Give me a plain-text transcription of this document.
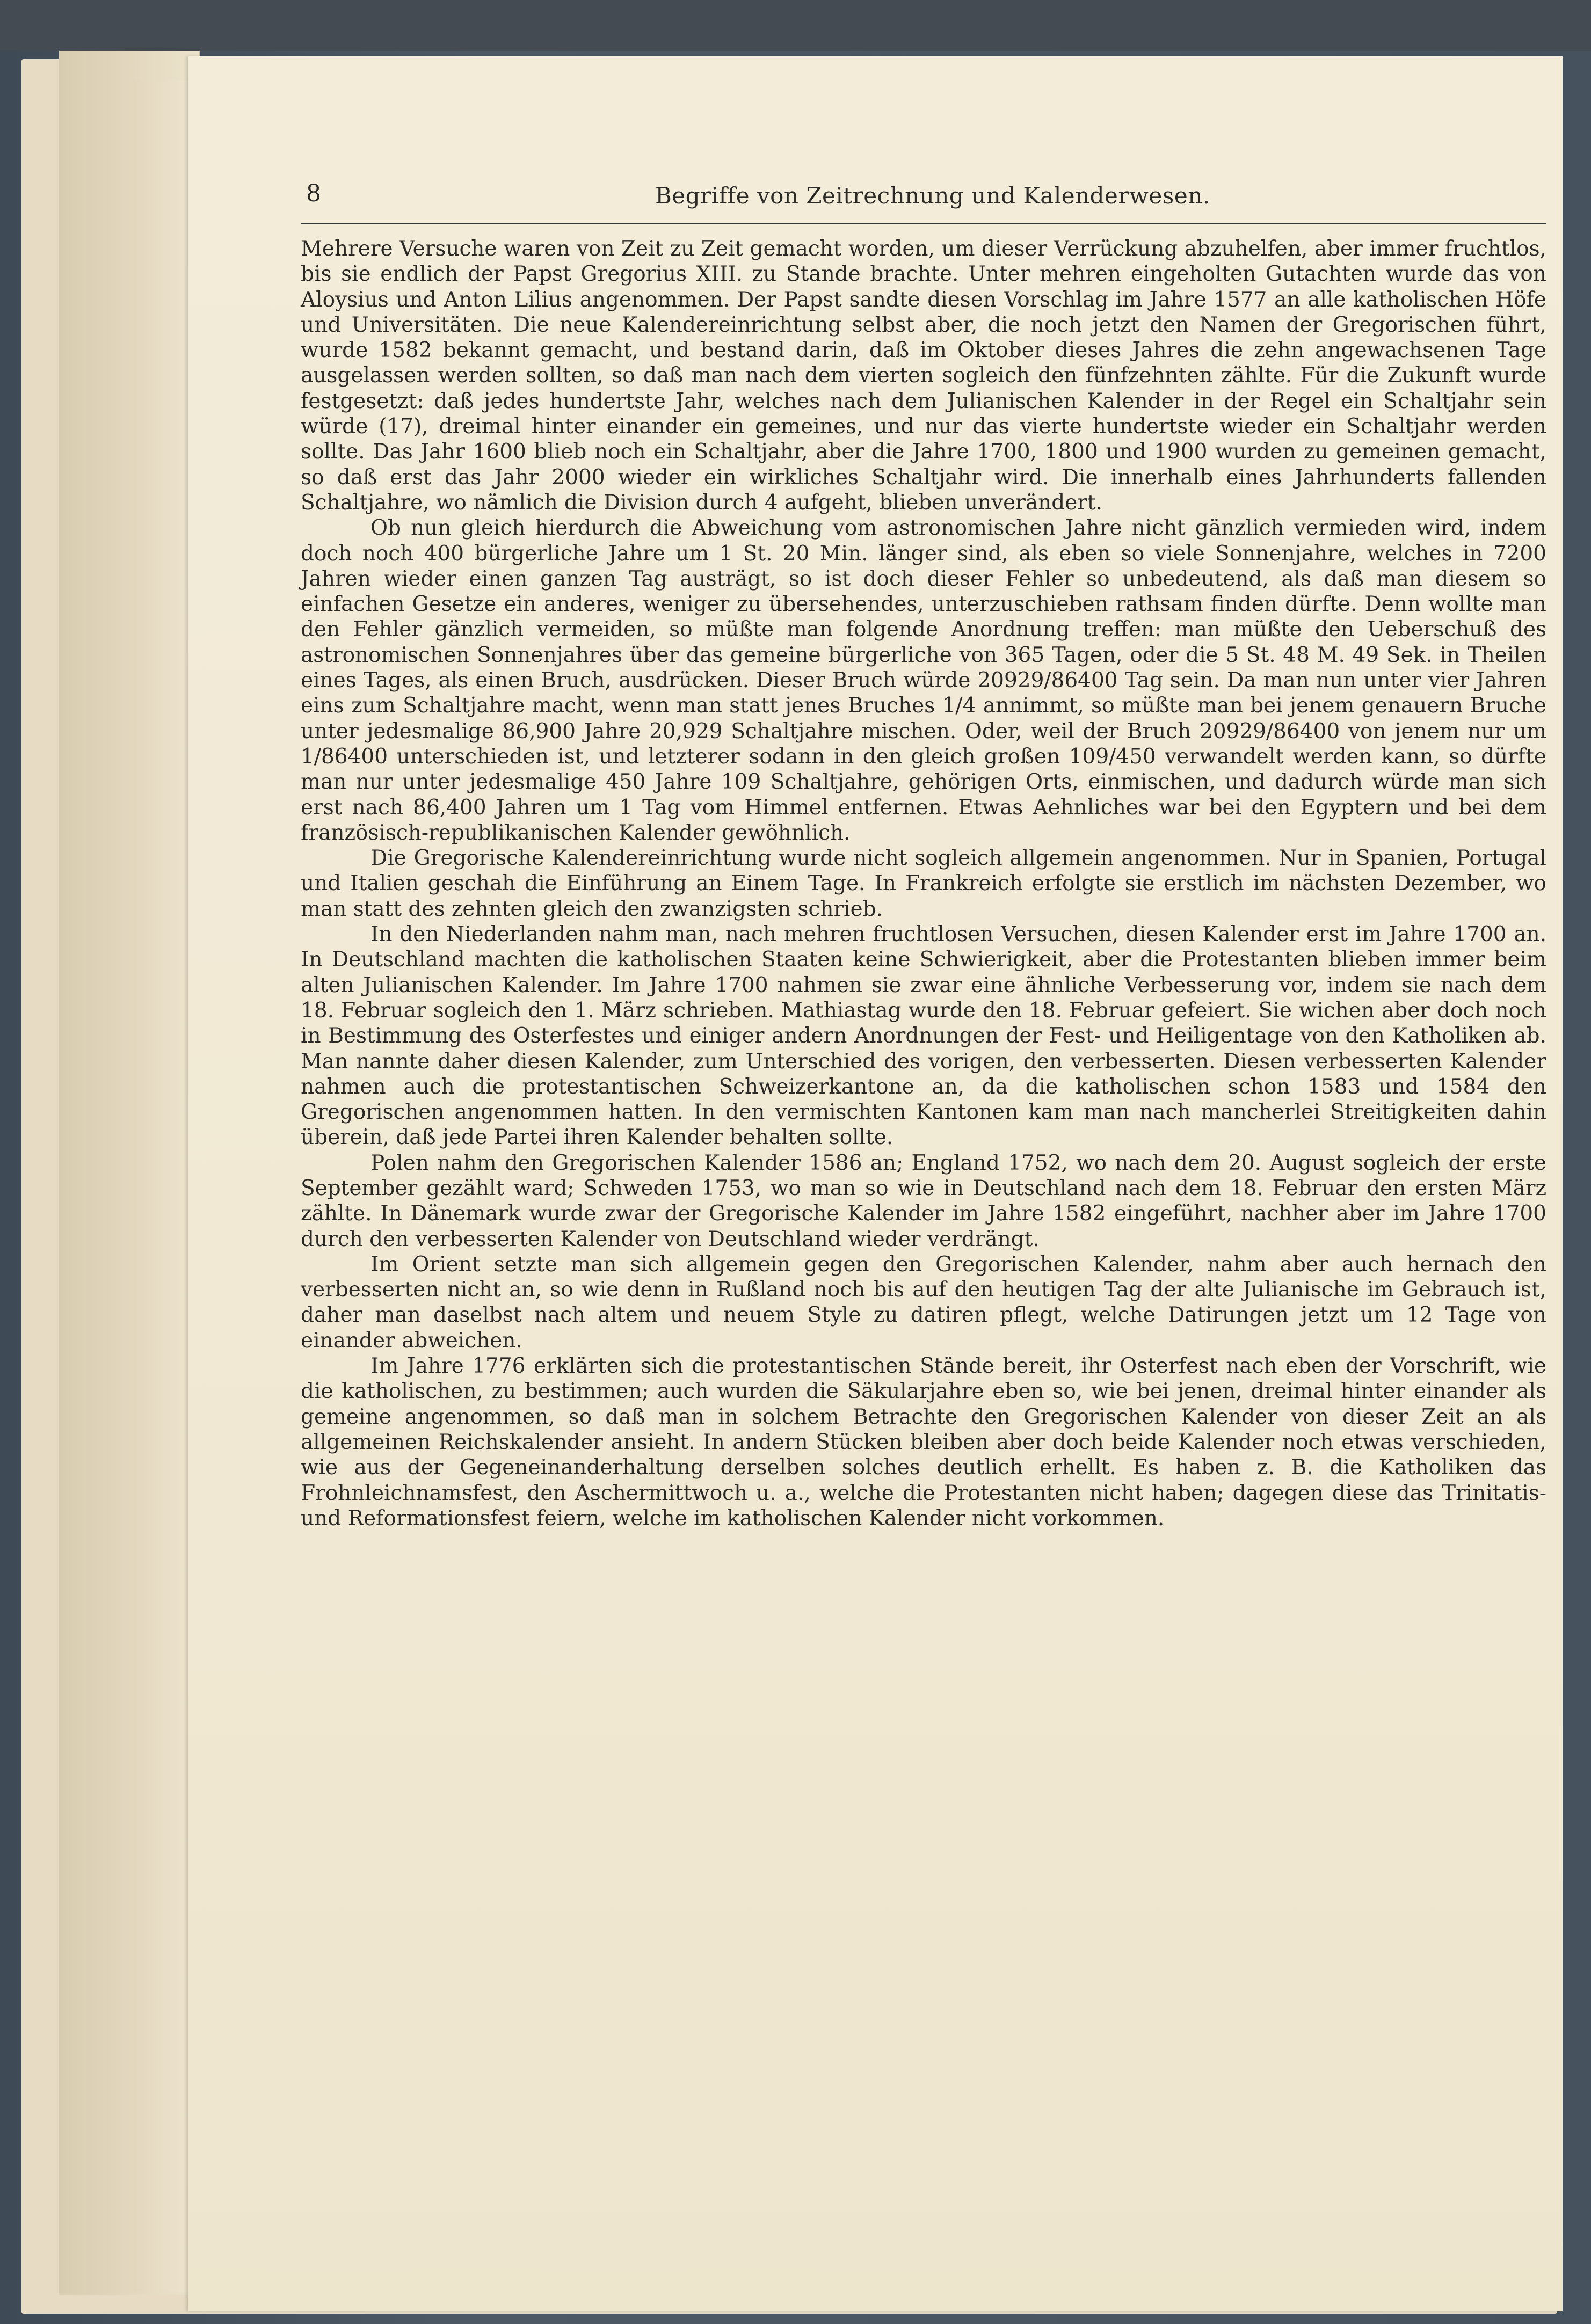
8	Begriffe von Zeitrechnung und Kalenderwesen.

Mehrere Versuche waren von Zeit zu Zeit gemacht worden, um dieser Verrückung abzuhelfen, aber immer fruchtlos, bis sie endlich der Papst Gregorius XIII. zu Stande brachte. Unter mehren eingeholten Gutachten wurde das von Aloysius und Anton Lilius angenommen. Der Papst sandte diesen Vorschlag im Jahre 1577 an alle katholischen Höfe und Universitäten. Die neue Kalendereinrichtung selbst aber, die noch jetzt den Namen der Gregorischen führt, wurde 1582 bekannt gemacht, und bestand darin, daß im Oktober dieses Jahres die zehn angewachsenen Tage ausgelassen werden sollten, so daß man nach dem vierten sogleich den fünfzehnten zählte. Für die Zukunft wurde festgesetzt: daß jedes hundertste Jahr, welches nach dem Julianischen Kalender in der Regel ein Schaltjahr sein würde (17), dreimal hinter einander ein gemeines, und nur das vierte hundertste wieder ein Schaltjahr werden sollte. Das Jahr 1600 blieb noch ein Schaltjahr, aber die Jahre 1700, 1800 und 1900 wurden zu gemeinen gemacht, so daß erst das Jahr 2000 wieder ein wirkliches Schaltjahr wird. Die innerhalb eines Jahrhunderts fallenden Schaltjahre, wo nämlich die Division durch 4 aufgeht, blieben unverändert.

Ob nun gleich hierdurch die Abweichung vom astronomischen Jahre nicht gänzlich vermieden wird, indem doch noch 400 bürgerliche Jahre um 1 St. 20 Min. länger sind, als eben so viele Sonnenjahre, welches in 7200 Jahren wieder einen ganzen Tag austrägt, so ist doch dieser Fehler so unbedeutend, als daß man diesem so einfachen Gesetze ein anderes, weniger zu übersehendes, unterzuschieben rathsam finden dürfte. Denn wollte man den Fehler gänzlich vermeiden, so müßte man folgende Anordnung treffen: man müßte den Ueberschuß des astronomischen Sonnenjahres über das gemeine bürgerliche von 365 Tagen, oder die 5 St. 48 M. 49 Sek. in Theilen eines Tages, als einen Bruch, ausdrücken. Dieser Bruch würde 20929/86400 Tag sein. Da man nun unter vier Jahren eins zum Schaltjahre macht, wenn man statt jenes Bruches 1/4 annimmt, so müßte man bei jenem genauern Bruche unter jedesmalige 86,900 Jahre 20,929 Schaltjahre mischen. Oder, weil der Bruch 20929/86400 von jenem nur um 1/86400 unterschieden ist, und letzterer sodann in den gleich großen 109/450 verwandelt werden kann, so dürfte man nur unter jedesmalige 450 Jahre 109 Schaltjahre, gehörigen Orts, einmischen, und dadurch würde man sich erst nach 86,400 Jahren um 1 Tag vom Himmel entfernen. Etwas Aehnliches war bei den Egyptern und bei dem französisch-republikanischen Kalender gewöhnlich.

Die Gregorische Kalendereinrichtung wurde nicht sogleich allgemein angenommen. Nur in Spanien, Portugal und Italien geschah die Einführung an Einem Tage. In Frankreich erfolgte sie erstlich im nächsten Dezember, wo man statt des zehnten gleich den zwanzigsten schrieb.

In den Niederlanden nahm man, nach mehren fruchtlosen Versuchen, diesen Kalender erst im Jahre 1700 an. In Deutschland machten die katholischen Staaten keine Schwierigkeit, aber die Protestanten blieben immer beim alten Julianischen Kalender. Im Jahre 1700 nahmen sie zwar eine ähnliche Verbesserung vor, indem sie nach dem 18. Februar sogleich den 1. März schrieben. Mathiastag wurde den 18. Februar gefeiert. Sie wichen aber doch noch in Bestimmung des Osterfestes und einiger andern Anordnungen der Fest- und Heiligentage von den Katholiken ab. Man nannte daher diesen Kalender, zum Unterschied des vorigen, den verbesserten. Diesen verbesserten Kalender nahmen auch die protestantischen Schweizerkantone an, da die katholischen schon 1583 und 1584 den Gregorischen angenommen hatten. In den vermischten Kantonen kam man nach mancherlei Streitigkeiten dahin überein, daß jede Partei ihren Kalender behalten sollte.

Polen nahm den Gregorischen Kalender 1586 an; England 1752, wo nach dem 20. August sogleich der erste September gezählt ward; Schweden 1753, wo man so wie in Deutschland nach dem 18. Februar den ersten März zählte. In Dänemark wurde zwar der Gregorische Kalender im Jahre 1582 eingeführt, nachher aber im Jahre 1700 durch den verbesserten Kalender von Deutschland wieder verdrängt.

Im Orient setzte man sich allgemein gegen den Gregorischen Kalender, nahm aber auch hernach den verbesserten nicht an, so wie denn in Rußland noch bis auf den heutigen Tag der alte Julianische im Gebrauch ist, daher man daselbst nach altem und neuem Style zu datiren pflegt, welche Datirungen jetzt um 12 Tage von einander abweichen.

Im Jahre 1776 erklärten sich die protestantischen Stände bereit, ihr Osterfest nach eben der Vorschrift, wie die katholischen, zu bestimmen; auch wurden die Säkularjahre eben so, wie bei jenen, dreimal hinter einander als gemeine angenommen, so daß man in solchem Betrachte den Gregorischen Kalender von dieser Zeit an als allgemeinen Reichskalender ansieht. In andern Stücken bleiben aber doch beide Kalender noch etwas verschieden, wie aus der Gegeneinanderhaltung derselben solches deutlich erhellt. Es haben z. B. die Katholiken das Frohnleichnamsfest, den Aschermittwoch u. a., welche die Protestanten nicht haben; dagegen diese das Trinitatis- und Reformationsfest feiern, welche im katholischen Kalender nicht vorkommen.
